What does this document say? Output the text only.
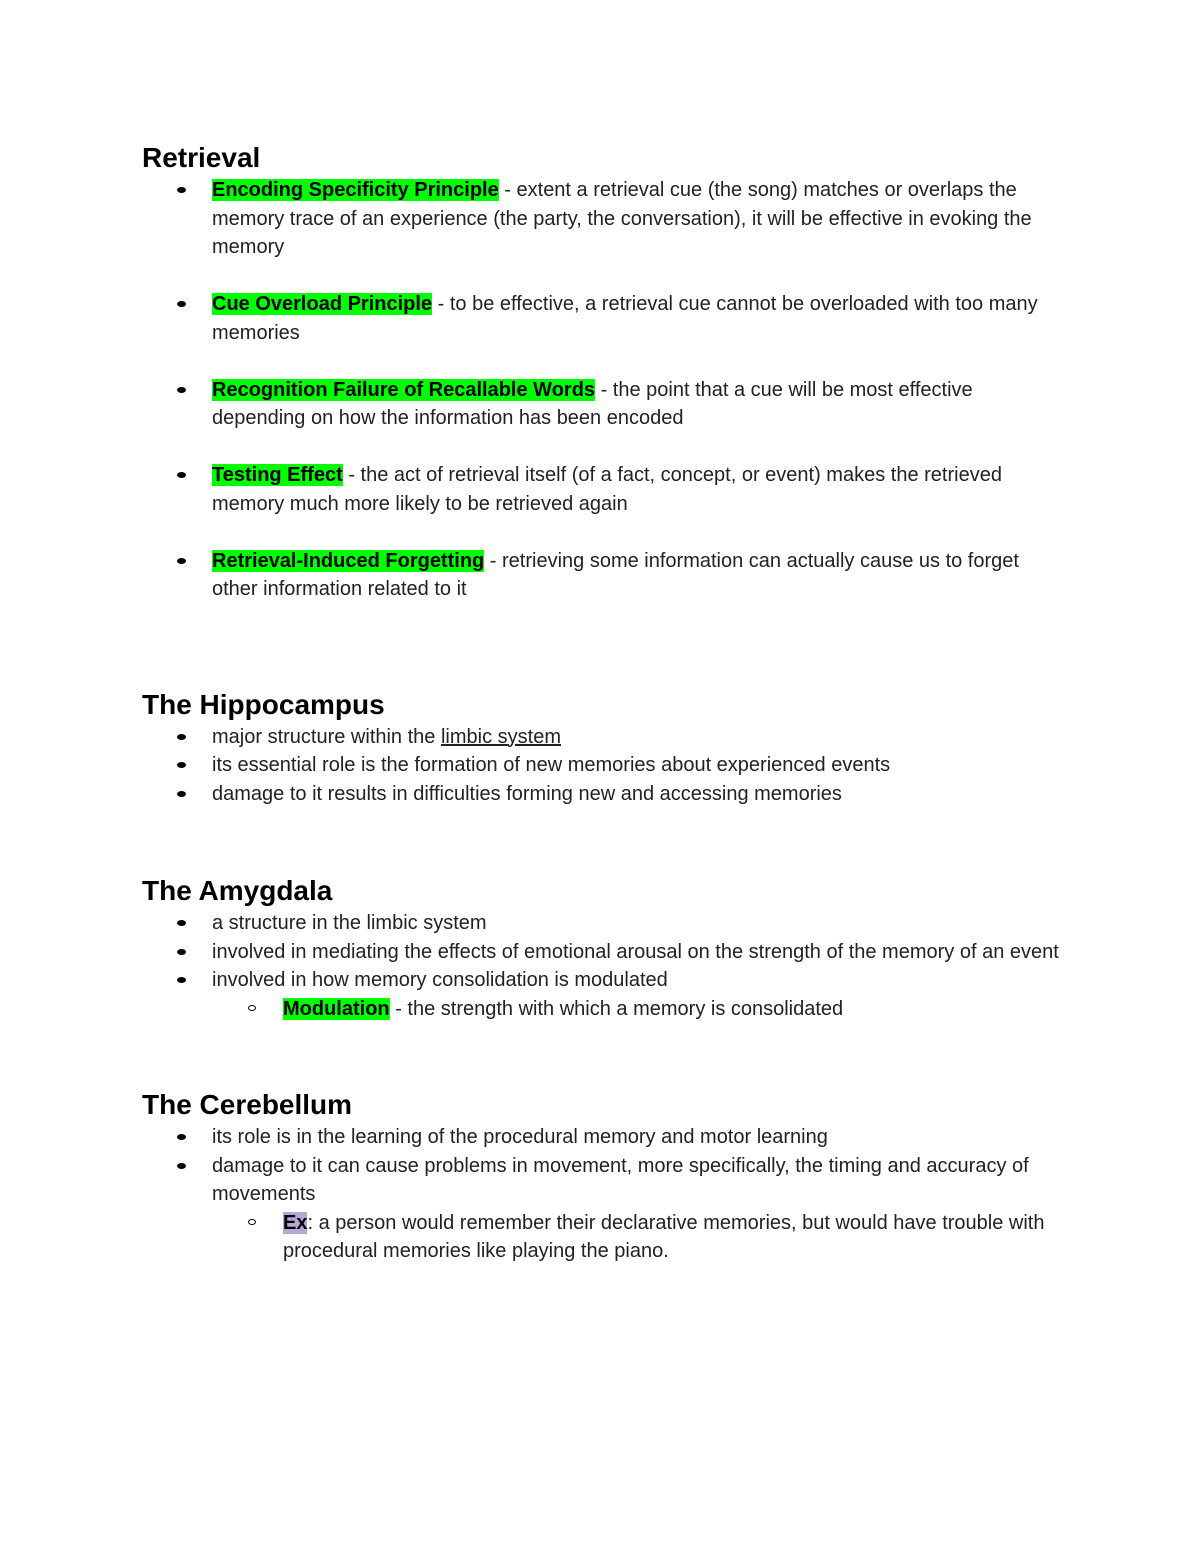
Retrieval
Encoding Specificity Principle - extent a retrieval cue (the song) matches or overlaps the memory trace of an experience (the party, the conversation), it will be effective in evoking the memory
Cue Overload Principle - to be effective, a retrieval cue cannot be overloaded with too many memories
Recognition Failure of Recallable Words - the point that a cue will be most effective depending on how the information has been encoded
Testing Effect - the act of retrieval itself (of a fact, concept, or event) makes the retrieved memory much more likely to be retrieved again
Retrieval-Induced Forgetting - retrieving some information can actually cause us to forget other information related to it
The Hippocampus
major structure within the limbic system
its essential role is the formation of new memories about experienced events
damage to it results in difficulties forming new and accessing memories
The Amygdala
a structure in the limbic system
involved in mediating the effects of emotional arousal on the strength of the memory of an event
involved in how memory consolidation is modulated
Modulation - the strength with which a memory is consolidated
The Cerebellum
its role is in the learning of the procedural memory and motor learning
damage to it can cause problems in movement, more specifically, the timing and accuracy of movements
Ex: a person would remember their declarative memories, but would have trouble with procedural memories like playing the piano.
